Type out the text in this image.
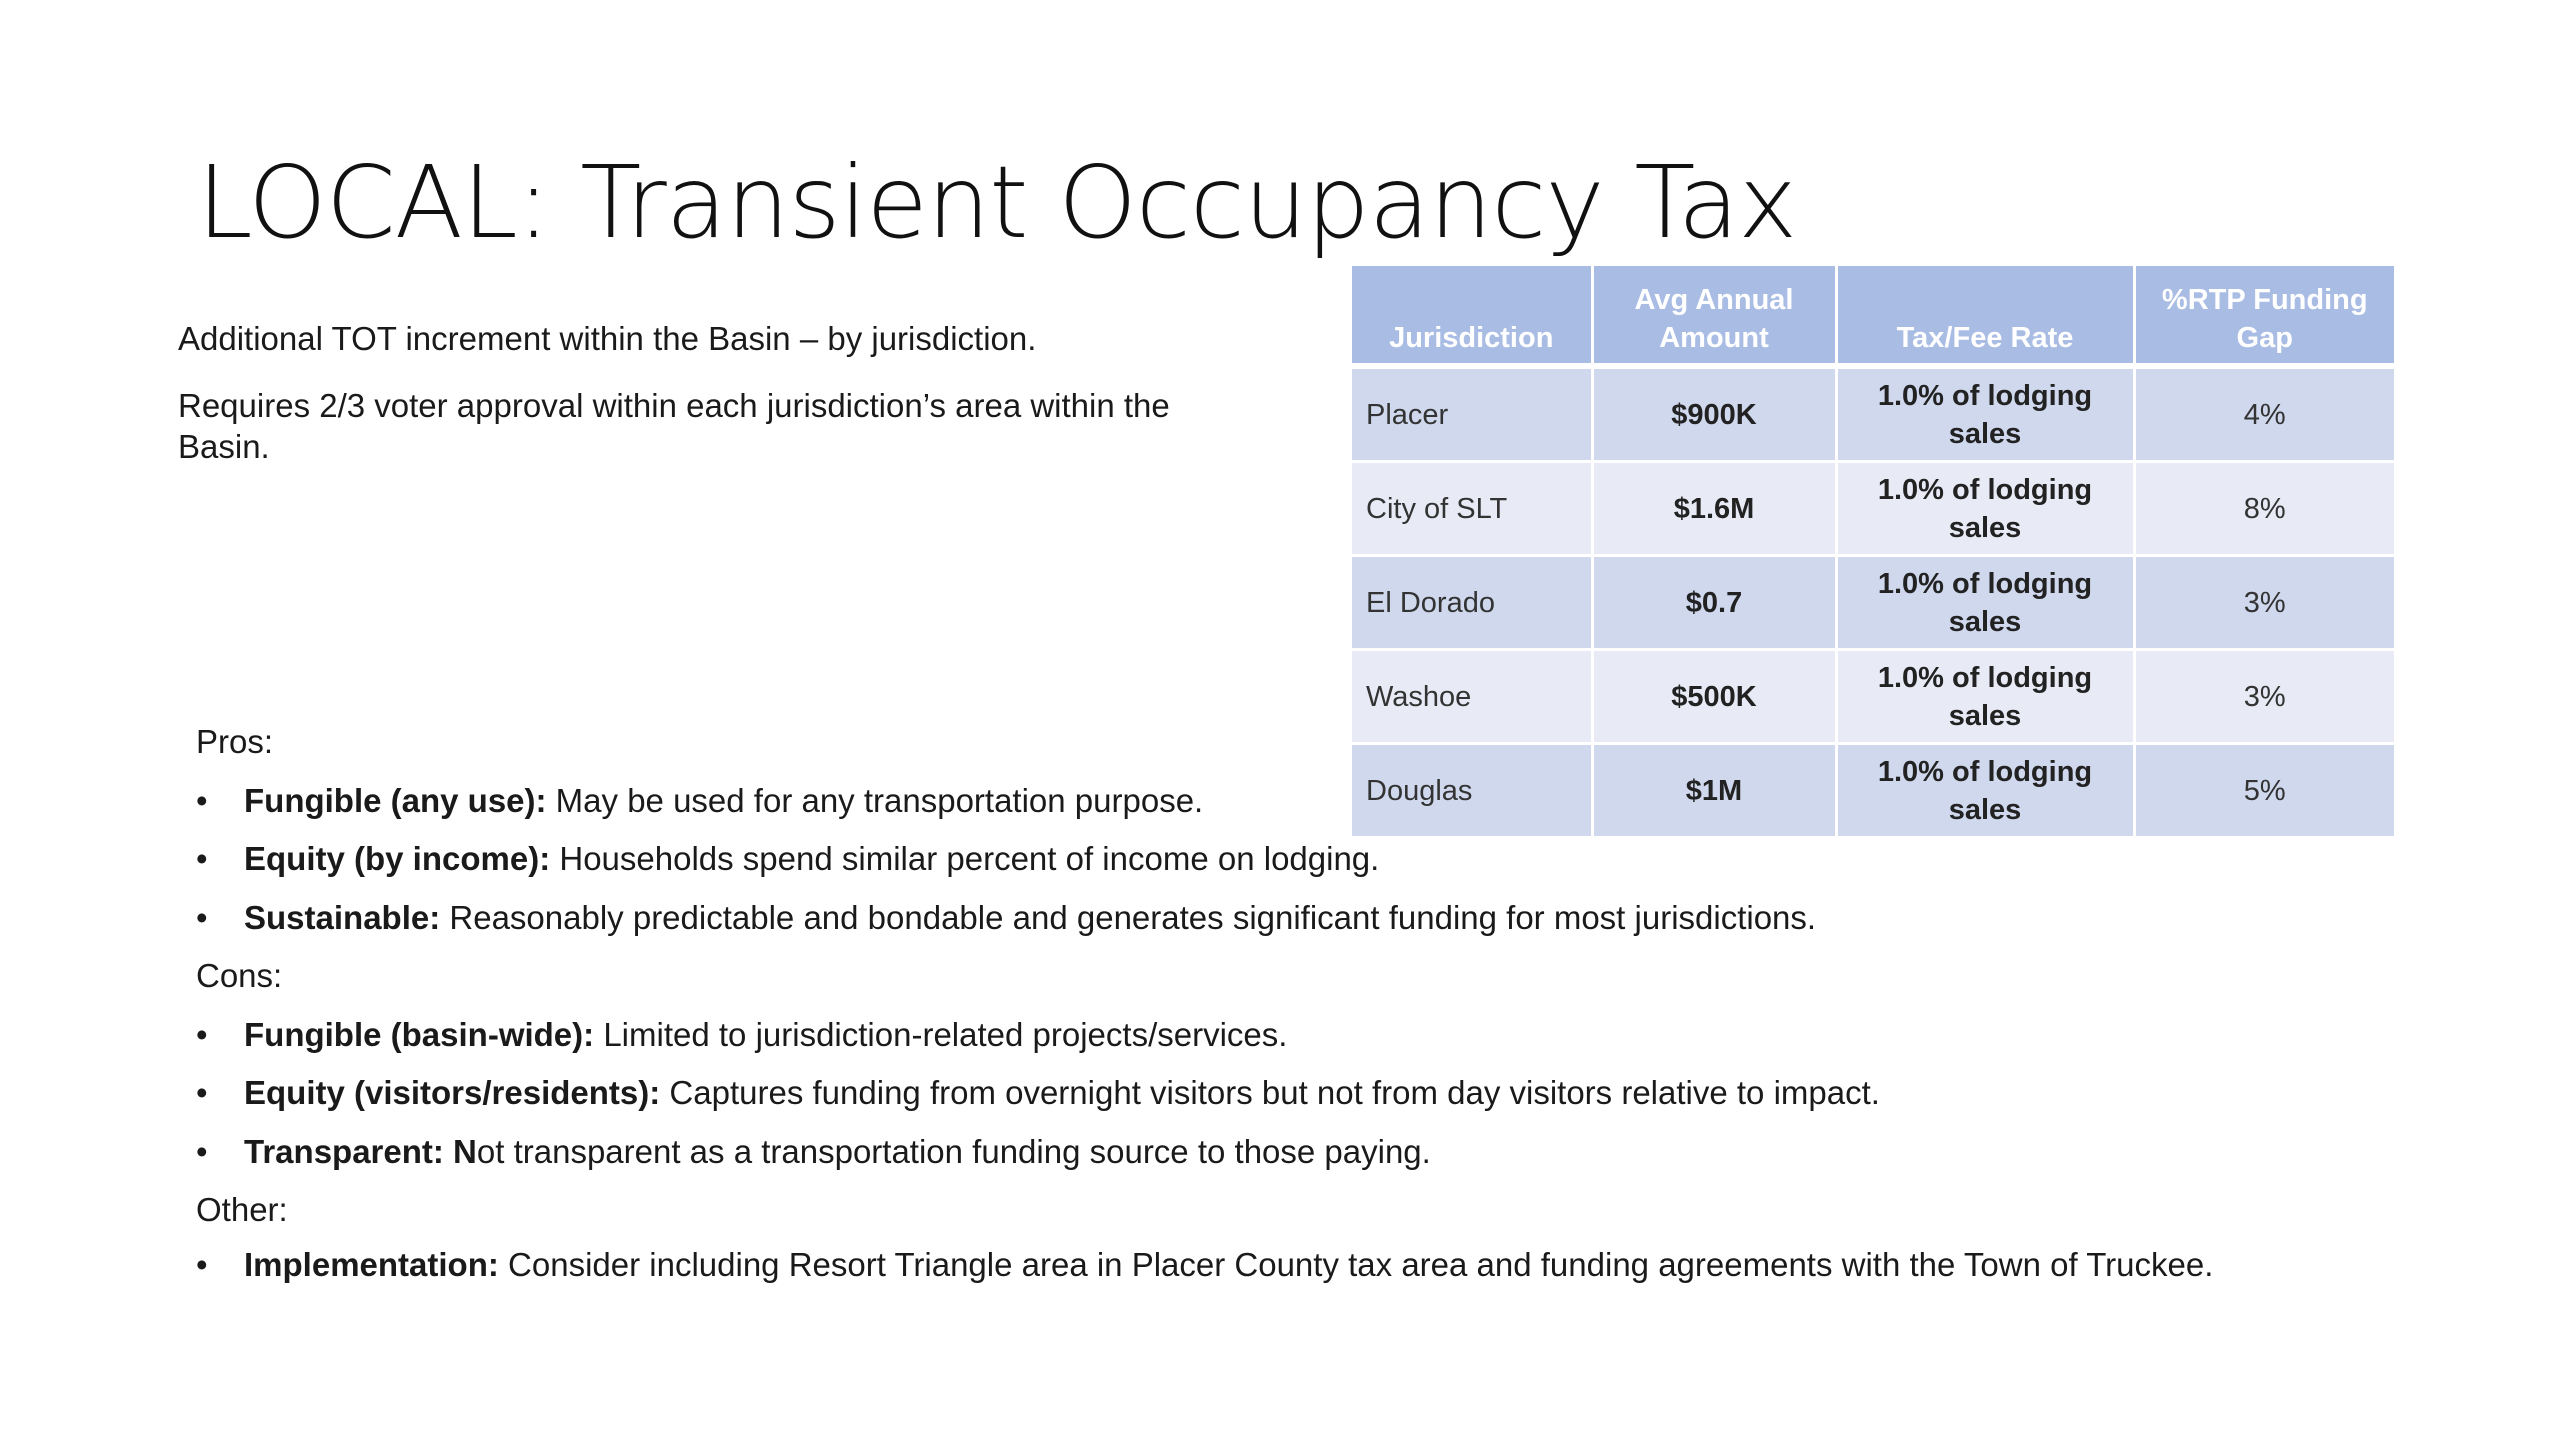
LOCAL: Transient Occupancy Tax

Additional TOT increment within the Basin – by jurisdiction.

Requires 2/3 voter approval within each jurisdiction’s area within the Basin.

Jurisdiction	Avg Annual Amount	Tax/Fee Rate	%RTP Funding Gap
Placer	$900K	1.0% of lodging sales	4%
City of SLT	$1.6M	1.0% of lodging sales	8%
El Dorado	$0.7	1.0% of lodging sales	3%
Washoe	$500K	1.0% of lodging sales	3%
Douglas	$1M	1.0% of lodging sales	5%

Pros:

• Fungible (any use): May be used for any transportation purpose.
• Equity (by income): Households spend similar percent of income on lodging.
• Sustainable: Reasonably predictable and bondable and generates significant funding for most jurisdictions.

Cons:

• Fungible (basin-wide): Limited to jurisdiction-related projects/services.
• Equity (visitors/residents): Captures funding from overnight visitors but not from day visitors relative to impact.
• Transparent: Not transparent as a transportation funding source to those paying.

Other:

• Implementation: Consider including Resort Triangle area in Placer County tax area and funding agreements with the Town of Truckee.
